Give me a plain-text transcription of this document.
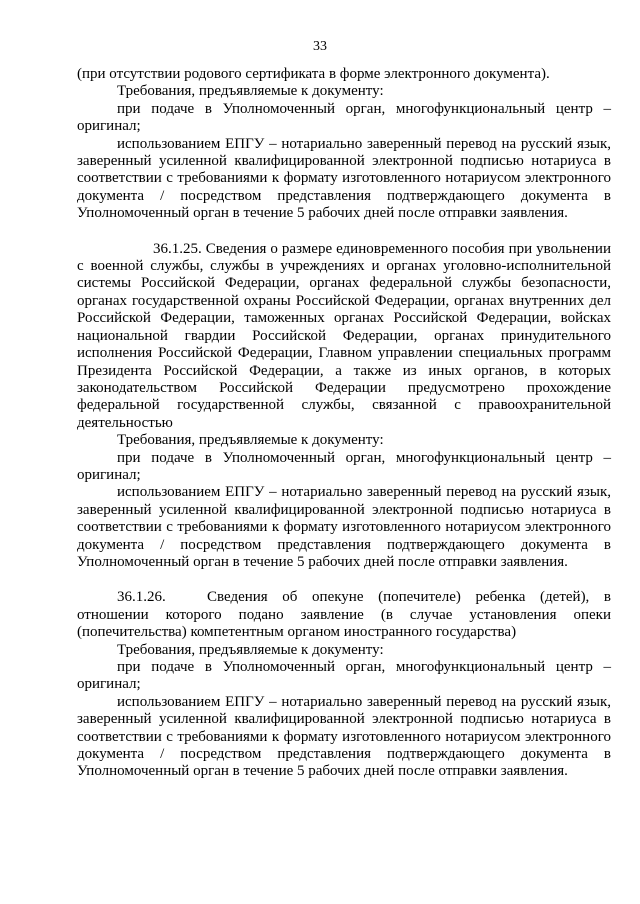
33

(при отсутствии родового сертификата в форме электронного документа).

Требования, предъявляемые к документу:

при подаче в Уполномоченный орган, многофункциональный центр – оригинал;

использованием ЕПГУ – нотариально заверенный перевод на русский язык, заверенный усиленной квалифицированной электронной подписью нотариуса в соответствии с требованиями к формату изготовленного нотариусом электронного документа / посредством представления подтверждающего документа в Уполномоченный орган в течение 5 рабочих дней после отправки заявления.

36.1.25. Сведения о размере единовременного пособия при увольнении с военной службы, службы в учреждениях и органах уголовно-исполнительной системы Российской Федерации, органах федеральной службы безопасности, органах государственной охраны Российской Федерации, органах внутренних дел Российской Федерации, таможенных органах Российской Федерации, войсках национальной гвардии Российской Федерации, органах принудительного исполнения Российской Федерации, Главном управлении специальных программ Президента Российской Федерации, а также из иных органов, в которых законодательством Российской Федерации предусмотрено прохождение федеральной государственной службы, связанной с правоохранительной деятельностью

Требования, предъявляемые к документу:

при подаче в Уполномоченный орган, многофункциональный центр – оригинал;

использованием ЕПГУ – нотариально заверенный перевод на русский язык, заверенный усиленной квалифицированной электронной подписью нотариуса в соответствии с требованиями к формату изготовленного нотариусом электронного документа / посредством представления подтверждающего документа в Уполномоченный орган в течение 5 рабочих дней после отправки заявления.

36.1.26.	Сведения об опекуне (попечителе) ребенка (детей), в отношении которого подано заявление (в случае установления опеки (попечительства) компетентным органом иностранного государства)

Требования, предъявляемые к документу:

при подаче в Уполномоченный орган, многофункциональный центр – оригинал;

использованием ЕПГУ – нотариально заверенный перевод на русский язык, заверенный усиленной квалифицированной электронной подписью нотариуса в соответствии с требованиями к формату изготовленного нотариусом электронного документа / посредством представления подтверждающего документа в Уполномоченный орган в течение 5 рабочих дней после отправки заявления.
